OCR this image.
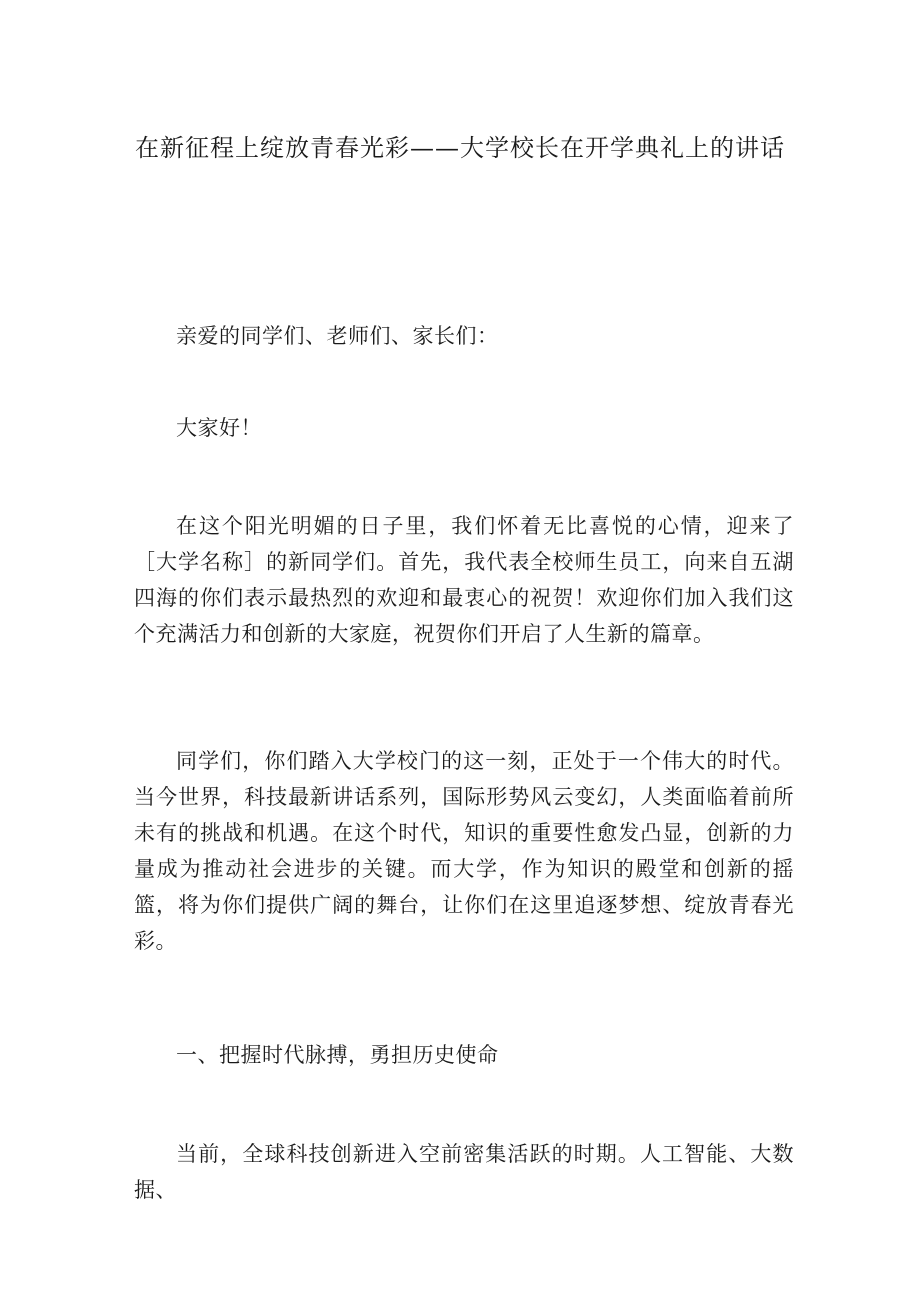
在新征程上绽放青春光彩——大学校长在开学典礼上的讲话

亲爱的同学们、老师们、家长们：

大家好！

在这个阳光明媚的日子里，我们怀着无比喜悦的心情，迎来了［大学名称］的新同学们。首先，我代表全校师生员工，向来自五湖四海的你们表示最热烈的欢迎和最衷心的祝贺！欢迎你们加入我们这个充满活力和创新的大家庭，祝贺你们开启了人生新的篇章。

同学们，你们踏入大学校门的这一刻，正处于一个伟大的时代。当今世界，科技最新讲话系列，国际形势风云变幻，人类面临着前所未有的挑战和机遇。在这个时代，知识的重要性愈发凸显，创新的力量成为推动社会进步的关键。而大学，作为知识的殿堂和创新的摇篮，将为你们提供广阔的舞台，让你们在这里追逐梦想、绽放青春光彩。

一、把握时代脉搏，勇担历史使命

当前，全球科技创新进入空前密集活跃的时期。人工智能、大数据、
